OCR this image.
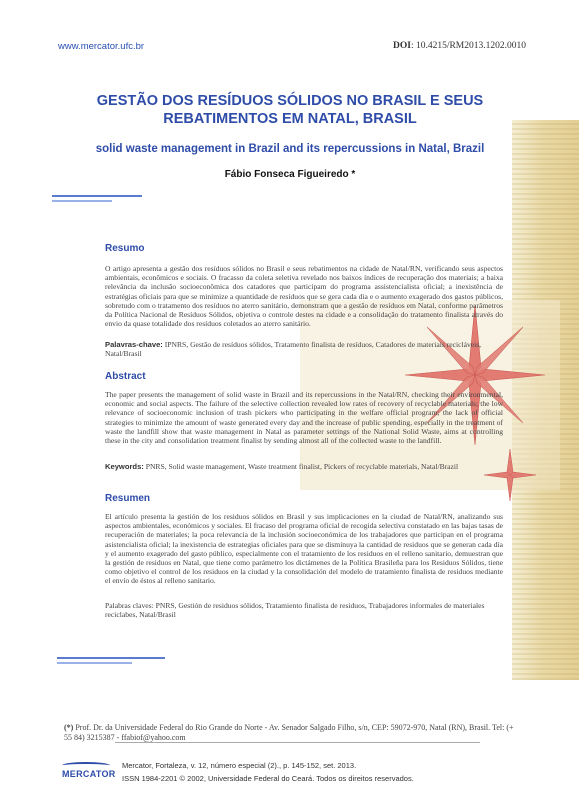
www.mercator.ufc.br	DOI: 10.4215/RM2013.1202.0010
GESTÃO DOS RESÍDUOS SÓLIDOS NO BRASIL E SEUS REBATIMENTOS EM NATAL, BRASIL
solid waste management in Brazil and its repercussions in Natal, Brazil
Fábio Fonseca Figueiredo *
Resumo
O artigo apresenta a gestão dos resíduos sólidos no Brasil e seus rebatimentos na cidade de Natal/RN, verificando seus aspectos ambientais, econômicos e sociais. O fracasso da coleta seletiva revelado nos baixos índices de recuperação dos materiais; a baixa relevância da inclusão socioeconômica dos catadores que participam do programa assistencialista oficial; a inexistência de estratégias oficiais para que se minimize a quantidade de resíduos que se gera cada dia e o aumento exagerado dos gastos públicos, sobretudo com o tratamento dos resíduos no aterro sanitário, demonstram que a gestão de resíduos em Natal, conforme parâmetros da Política Nacional de Resíduos Sólidos, objetiva o controle destes na cidade e a consolidação do tratamento finalista através do envio da quase totalidade dos resíduos coletados ao aterro sanitário.
Palavras-chave: IPNRS, Gestão de resíduos sólidos, Tratamento finalista de resíduos, Catadores de materiais recicláveis, Natal/Brasil
Abstract
The paper presents the management of solid waste in Brazil and its repercussions in the Natal/RN, checking their environmental, economic and social aspects. The failure of the selective collection revealed low rates of recovery of recyclable materials; the low relevance of socioeconomic inclusion of trash pickers who participating in the welfare official program; the lack of official strategies to minimize the amount of waste generated every day and the increase of public spending, especially in the treatment of waste the landfill show that waste management in Natal as parameter settings of the National Solid Waste, aims at controlling these in the city and consolidation treatment finalist by sending almost all of the collected waste to the landfill.
Keywords: PNRS, Solid waste management, Waste treatment finalist, Pickers of recyclable materials, Natal/Brazil
Resumen
El artículo presenta la gestión de los residuos sólidos en Brasil y sus implicaciones en la ciudad de Natal/RN, analizando sus aspectos ambientales, económicos y sociales. El fracaso del programa oficial de recogida selectiva constatado en las bajas tasas de recuperación de materiales; la poca relevancia de la inclusión socioeconómica de los trabajadores que participan en el programa asistencialista oficial; la inexistencia de estrategias oficiales para que se disminuya la cantidad de residuos que se generan cada día y el aumento exagerado del gasto público, especialmente con el tratamiento de los residuos en el relleno sanitario, demuestran que la gestión de residuos en Natal, que tiene como parámetro los dictámenes de la Política Brasileña para los Residuos Sólidos, tiene como objetivo el control de los residuos en la ciudad y la consolidación del modelo de tratamiento finalista de residuos mediante el envío de éstos al relleno sanitario.
Palabras claves: PNRS, Gestión de residuos sólidos, Tratamiento finalista de residuos, Trabajadores informales de materiales reciclabes, Natal/Brasil
(*) Prof. Dr. da Universidade Federal do Rio Grande do Norte - Av. Senador Salgado Filho, s/n, CEP: 59072-970, Natal (RN), Brasil. Tel: (+ 55 84) 3215387 - ffabiof@yahoo.com
MERCATOR
Mercator, Fortaleza, v. 12, número especial (2)., p. 145-152, set. 2013.
ISSN 1984-2201 © 2002, Universidade Federal do Ceará. Todos os direitos reservados.
